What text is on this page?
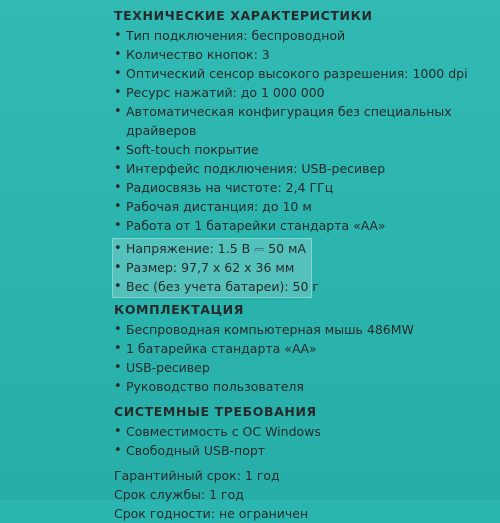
ТЕХНИЧЕСКИЕ ХАРАКТЕРИСТИКИ
• Тип подключения: беспроводной
• Количество кнопок: 3
• Оптический сенсор высокого разрешения: 1000 dpi
• Ресурс нажатий: до 1 000 000
• Автоматическая конфигурация без специальных драйверов
• Soft-touch покрытие
• Интерфейс подключения: USB-ресивер
• Радиосвязь на чистоте: 2,4 ГГц
• Рабочая дистанция: до 10 м
• Работа от 1 батарейки стандарта «АА»
• Напряжение: 1.5 В ⎓ 50 мА
• Размер: 97,7 x 62 x 36 мм
• Вес (без учета батареи): 50 г
КОМПЛЕКТАЦИЯ
• Беспроводная компьютерная мышь 486MW
• 1 батарейка стандарта «АА»
• USB-ресивер
• Руководство пользователя
СИСТЕМНЫЕ ТРЕБОВАНИЯ
• Совместимость с ОС Windows
• Свободный USB-порт
Гарантийный срок: 1 год
Срок службы: 1 год
Срок годности: не ограничен
